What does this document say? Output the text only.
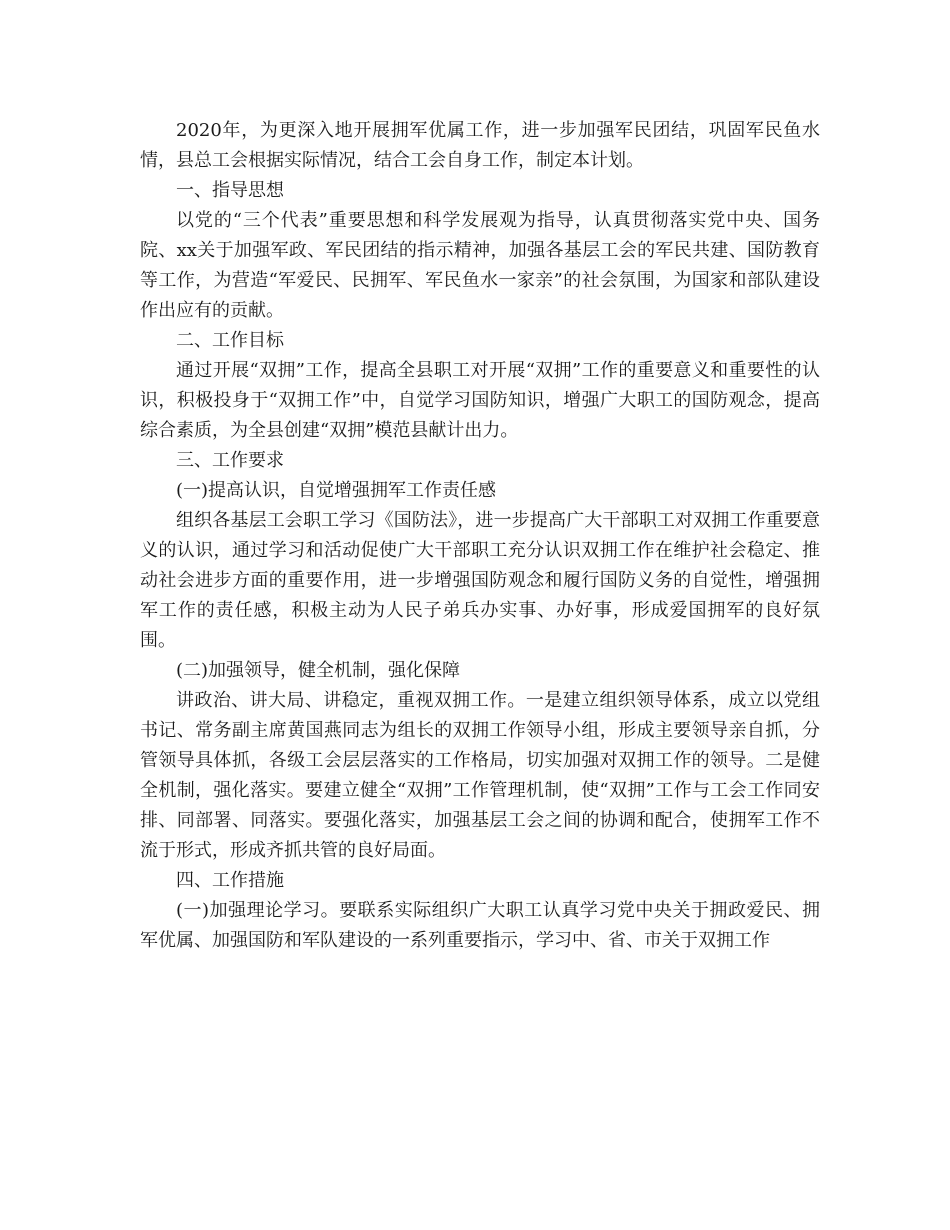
2020年，为更深入地开展拥军优属工作，进一步加强军民团结，巩固军民鱼水情，县总工会根据实际情况，结合工会自身工作，制定本计划。

一、指导思想

以党的“三个代表”重要思想和科学发展观为指导，认真贯彻落实党中央、国务院、xx关于加强军政、军民团结的指示精神，加强各基层工会的军民共建、国防教育等工作，为营造“军爱民、民拥军、军民鱼水一家亲”的社会氛围，为国家和部队建设作出应有的贡献。

二、工作目标

通过开展“双拥”工作，提高全县职工对开展“双拥”工作的重要意义和重要性的认识，积极投身于“双拥工作”中，自觉学习国防知识，增强广大职工的国防观念，提高综合素质，为全县创建“双拥”模范县献计出力。

三、工作要求

(一)提高认识，自觉增强拥军工作责任感

组织各基层工会职工学习《国防法》，进一步提高广大干部职工对双拥工作重要意义的认识，通过学习和活动促使广大干部职工充分认识双拥工作在维护社会稳定、推动社会进步方面的重要作用，进一步增强国防观念和履行国防义务的自觉性，增强拥军工作的责任感，积极主动为人民子弟兵办实事、办好事，形成爱国拥军的良好氛围。

(二)加强领导，健全机制，强化保障

讲政治、讲大局、讲稳定，重视双拥工作。一是建立组织领导体系，成立以党组书记、常务副主席黄国燕同志为组长的双拥工作领导小组，形成主要领导亲自抓，分管领导具体抓，各级工会层层落实的工作格局，切实加强对双拥工作的领导。二是健全机制，强化落实。要建立健全“双拥”工作管理机制，使“双拥”工作与工会工作同安排、同部署、同落实。要强化落实，加强基层工会之间的协调和配合，使拥军工作不流于形式，形成齐抓共管的良好局面。

四、工作措施

(一)加强理论学习。要联系实际组织广大职工认真学习党中央关于拥政爱民、拥军优属、加强国防和军队建设的一系列重要指示，学习中、省、市关于双拥工作
